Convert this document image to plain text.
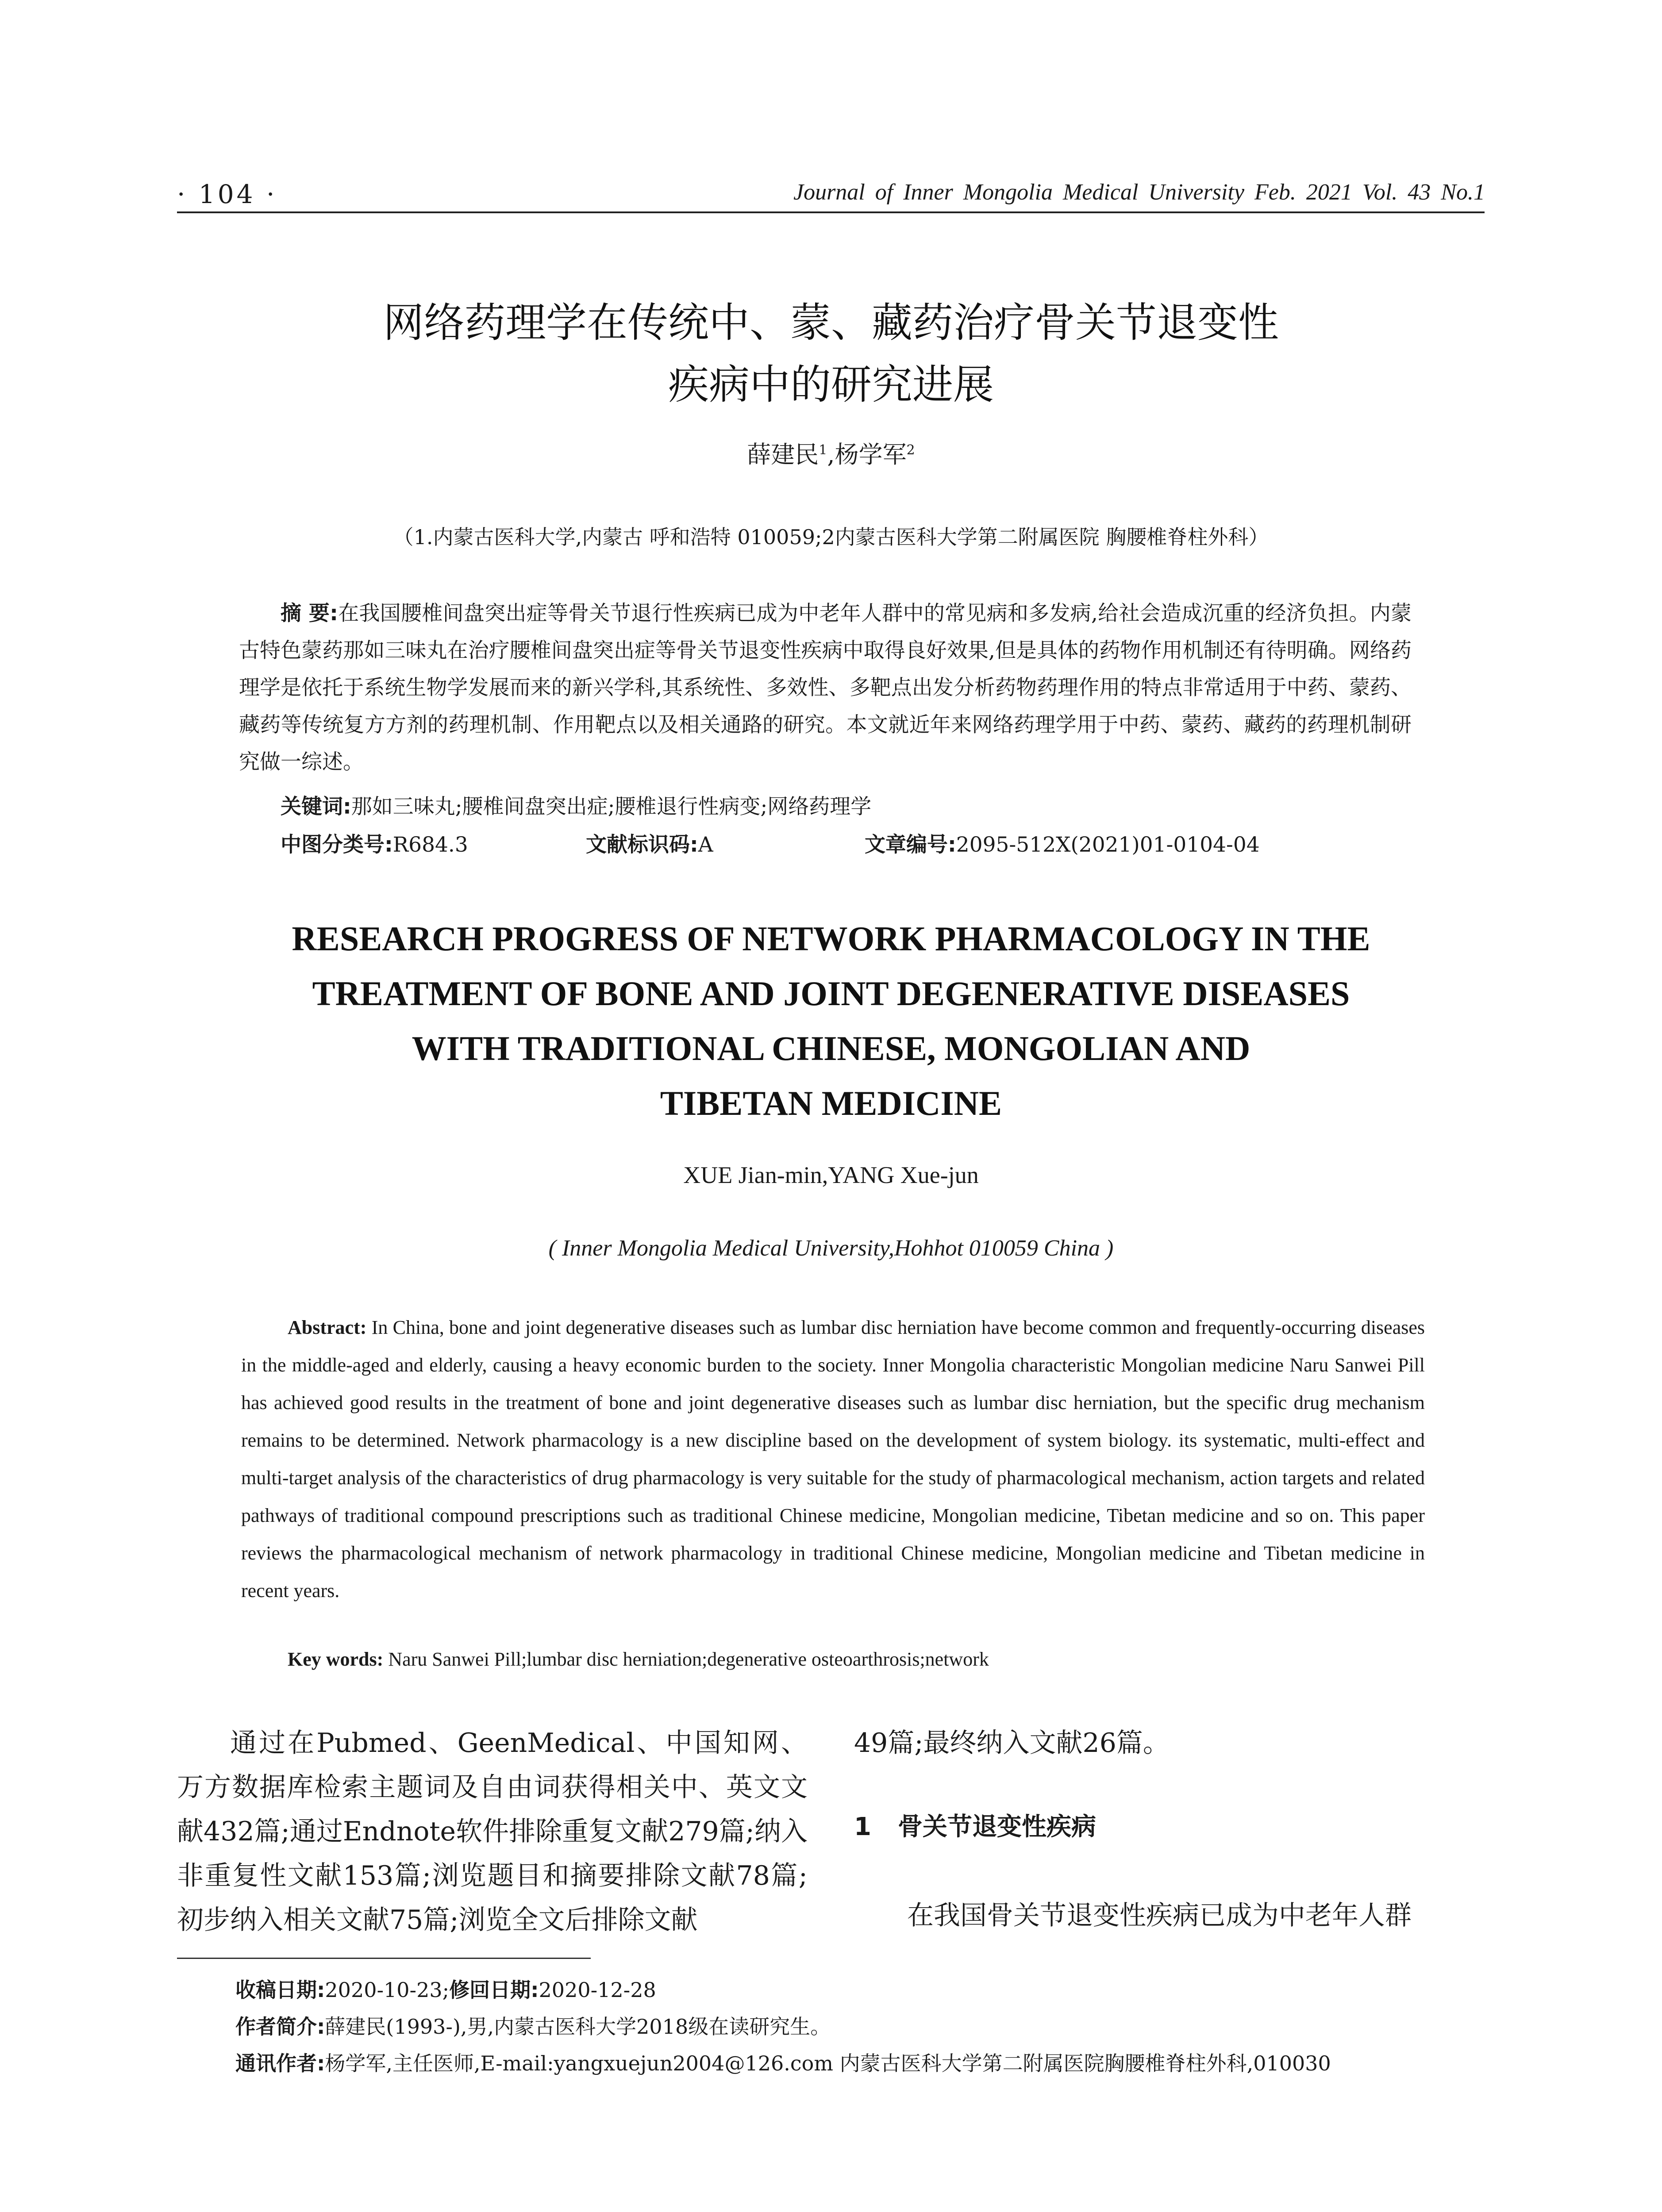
· 104 ·	Journal of Inner Mongolia Medical University Feb. 2021 Vol. 43 No.1
网络药理学在传统中、蒙、藏药治疗骨关节退变性
疾病中的研究进展
薛建民$^1$,杨学军$^2$
（1.内蒙古医科大学,内蒙古 呼和浩特 010059;2内蒙古医科大学第二附属医院 胸腰椎脊柱外科）
摘 要:在我国腰椎间盘突出症等骨关节退行性疾病已成为中老年人群中的常见病和多发病,给社会造成沉重的经济负担。内蒙古特色蒙药那如三味丸在治疗腰椎间盘突出症等骨关节退变性疾病中取得良好效果,但是具体的药物作用机制还有待明确。网络药理学是依托于系统生物学发展而来的新兴学科,其系统性、多效性、多靶点出发分析药物药理作用的特点非常适用于中药、蒙药、藏药等传统复方方剂的药理机制、作用靶点以及相关通路的研究。本文就近年来网络药理学用于中药、蒙药、藏药的药理机制研究做一综述。
关键词:那如三味丸;腰椎间盘突出症;腰椎退行性病变;网络药理学
中图分类号:R684.3	文献标识码:A	文章编号:2095-512X(2021)01-0104-04
RESEARCH PROGRESS OF NETWORK PHARMACOLOGY IN THE
TREATMENT OF BONE AND JOINT DEGENERATIVE DISEASES
WITH TRADITIONAL CHINESE, MONGOLIAN AND
TIBETAN MEDICINE
XUE Jian-min,YANG Xue-jun
( Inner Mongolia Medical University,Hohhot 010059 China )
Abstract: In China, bone and joint degenerative diseases such as lumbar disc herniation have become common and frequently-occurring diseases in the middle-aged and elderly, causing a heavy economic burden to the society. Inner Mongolia characteristic Mongolian medicine Naru Sanwei Pill has achieved good results in the treatment of bone and joint degenerative diseases such as lumbar disc herniation, but the specific drug mechanism remains to be determined. Network pharmacology is a new discipline based on the development of system biology. its systematic, multi-effect and multi-target analysis of the characteristics of drug pharmacology is very suitable for the study of pharmacological mechanism, action targets and related pathways of traditional compound prescriptions such as traditional Chinese medicine, Mongolian medicine, Tibetan medicine and so on. This paper reviews the pharmacological mechanism of network pharmacology in traditional Chinese medicine, Mongolian medicine and Tibetan medicine in recent years.
Key words: Naru Sanwei Pill;lumbar disc herniation;degenerative osteoarthrosis;network
通过在Pubmed、GeenMedical、中国知网、万方数据库检索主题词及自由词获得相关中、英文文献432篇;通过Endnote软件排除重复文献279篇;纳入非重复性文献153篇;浏览题目和摘要排除文献78篇;初步纳入相关文献75篇;浏览全文后排除文献
49篇;最终纳入文献26篇。
1 骨关节退变性疾病
在我国骨关节退变性疾病已成为中老年人群
收稿日期:2020-10-23;修回日期:2020-12-28
作者简介:薛建民(1993-),男,内蒙古医科大学2018级在读研究生。
通讯作者:杨学军,主任医师,E-mail:yangxuejun2004@126.com 内蒙古医科大学第二附属医院胸腰椎脊柱外科,010030
